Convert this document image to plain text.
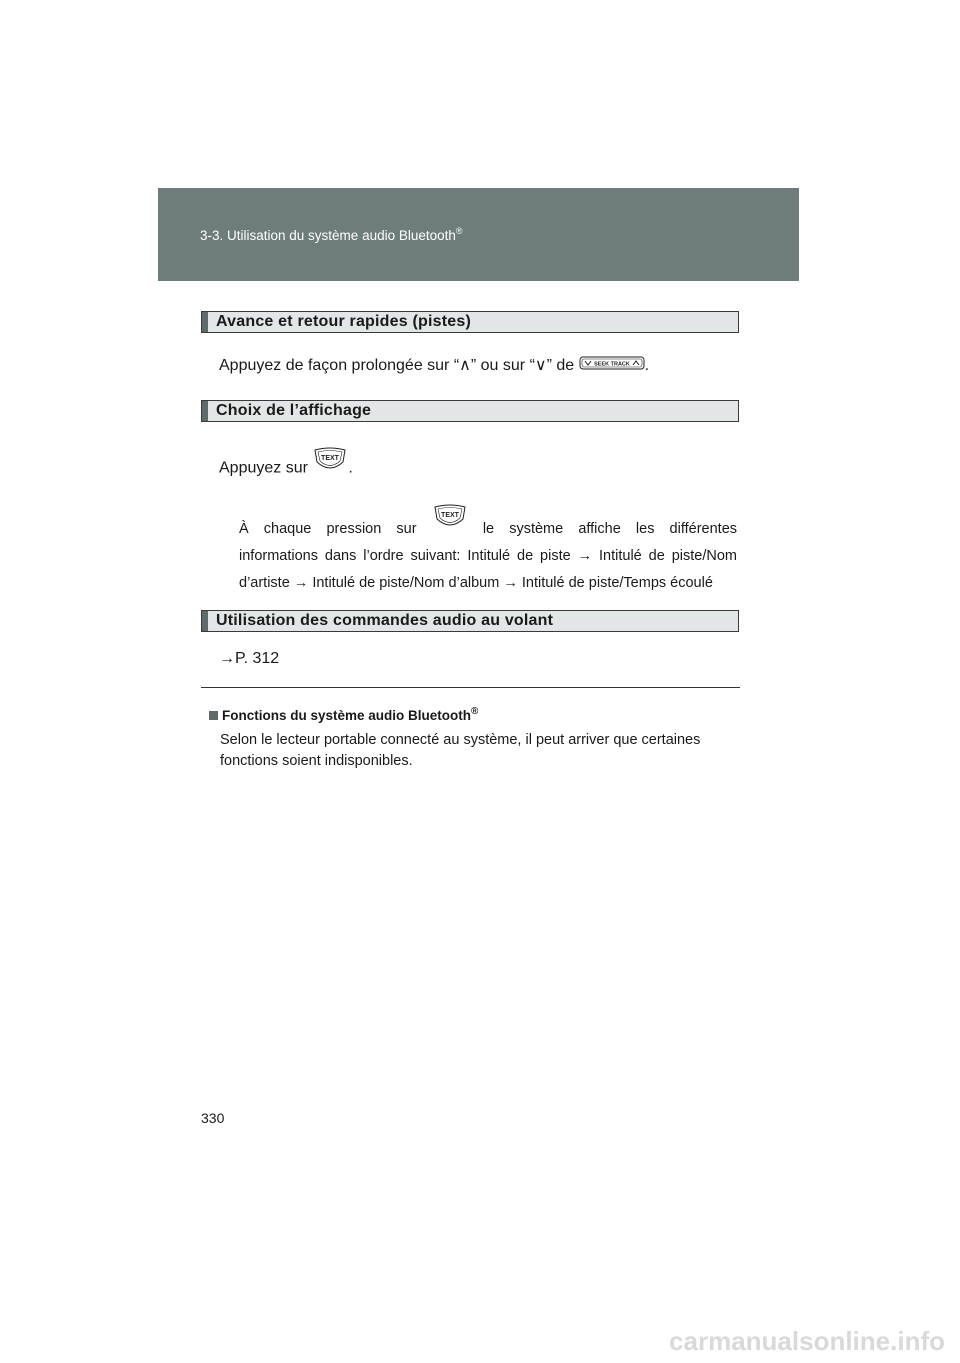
3-3. Utilisation du système audio Bluetooth®
Avance et retour rapides (pistes)
Appuyez de façon prolongée sur “∧” ou sur “∨” de	SEEK TRACK .
Choix de l’affichage
Appuyez sur
TEXT
.
À chaque pression sur
TEXT
le système affiche les différentes
informations dans l’ordre suivant: Intitulé de piste → Intitulé de piste/Nom
d’artiste → Intitulé de piste/Nom d’album → Intitulé de piste/Temps écoulé
Utilisation des commandes audio au volant
→P. 312
Fonctions du système audio Bluetooth®
Selon le lecteur portable connecté au système, il peut arriver que certaines fonctions soient indisponibles.
330
carmanualsonline.info
